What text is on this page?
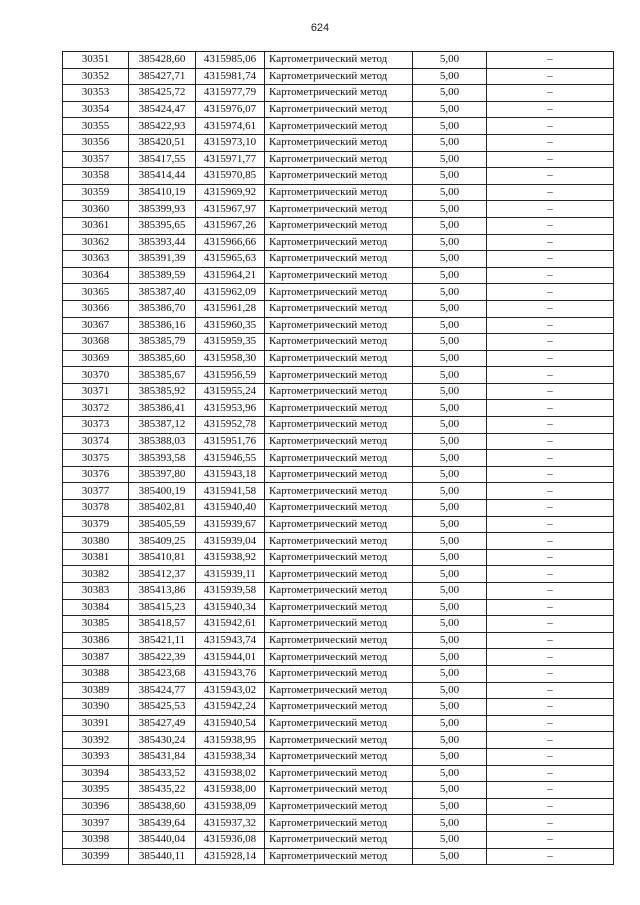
624
30351	385428,60	4315985,06	Картометрический метод	5,00	–
30352	385427,71	4315981,74	Картометрический метод	5,00	–
30353	385425,72	4315977,79	Картометрический метод	5,00	–
30354	385424,47	4315976,07	Картометрический метод	5,00	–
30355	385422,93	4315974,61	Картометрический метод	5,00	–
30356	385420,51	4315973,10	Картометрический метод	5,00	–
30357	385417,55	4315971,77	Картометрический метод	5,00	–
30358	385414,44	4315970,85	Картометрический метод	5,00	–
30359	385410,19	4315969,92	Картометрический метод	5,00	–
30360	385399,93	4315967,97	Картометрический метод	5,00	–
30361	385395,65	4315967,26	Картометрический метод	5,00	–
30362	385393,44	4315966,66	Картометрический метод	5,00	–
30363	385391,39	4315965,63	Картометрический метод	5,00	–
30364	385389,59	4315964,21	Картометрический метод	5,00	–
30365	385387,40	4315962,09	Картометрический метод	5,00	–
30366	385386,70	4315961,28	Картометрический метод	5,00	–
30367	385386,16	4315960,35	Картометрический метод	5,00	–
30368	385385,79	4315959,35	Картометрический метод	5,00	–
30369	385385,60	4315958,30	Картометрический метод	5,00	–
30370	385385,67	4315956,59	Картометрический метод	5,00	–
30371	385385,92	4315955,24	Картометрический метод	5,00	–
30372	385386,41	4315953,96	Картометрический метод	5,00	–
30373	385387,12	4315952,78	Картометрический метод	5,00	–
30374	385388,03	4315951,76	Картометрический метод	5,00	–
30375	385393,58	4315946,55	Картометрический метод	5,00	–
30376	385397,80	4315943,18	Картометрический метод	5,00	–
30377	385400,19	4315941,58	Картометрический метод	5,00	–
30378	385402,81	4315940,40	Картометрический метод	5,00	–
30379	385405,59	4315939,67	Картометрический метод	5,00	–
30380	385409,25	4315939,04	Картометрический метод	5,00	–
30381	385410,81	4315938,92	Картометрический метод	5,00	–
30382	385412,37	4315939,11	Картометрический метод	5,00	–
30383	385413,86	4315939,58	Картометрический метод	5,00	–
30384	385415,23	4315940,34	Картометрический метод	5,00	–
30385	385418,57	4315942,61	Картометрический метод	5,00	–
30386	385421,11	4315943,74	Картометрический метод	5,00	–
30387	385422,39	4315944,01	Картометрический метод	5,00	–
30388	385423,68	4315943,76	Картометрический метод	5,00	–
30389	385424,77	4315943,02	Картометрический метод	5,00	–
30390	385425,53	4315942,24	Картометрический метод	5,00	–
30391	385427,49	4315940,54	Картометрический метод	5,00	–
30392	385430,24	4315938,95	Картометрический метод	5,00	–
30393	385431,84	4315938,34	Картометрический метод	5,00	–
30394	385433,52	4315938,02	Картометрический метод	5,00	–
30395	385435,22	4315938,00	Картометрический метод	5,00	–
30396	385438,60	4315938,09	Картометрический метод	5,00	–
30397	385439,64	4315937,32	Картометрический метод	5,00	–
30398	385440,04	4315936,08	Картометрический метод	5,00	–
30399	385440,11	4315928,14	Картометрический метод	5,00	–
